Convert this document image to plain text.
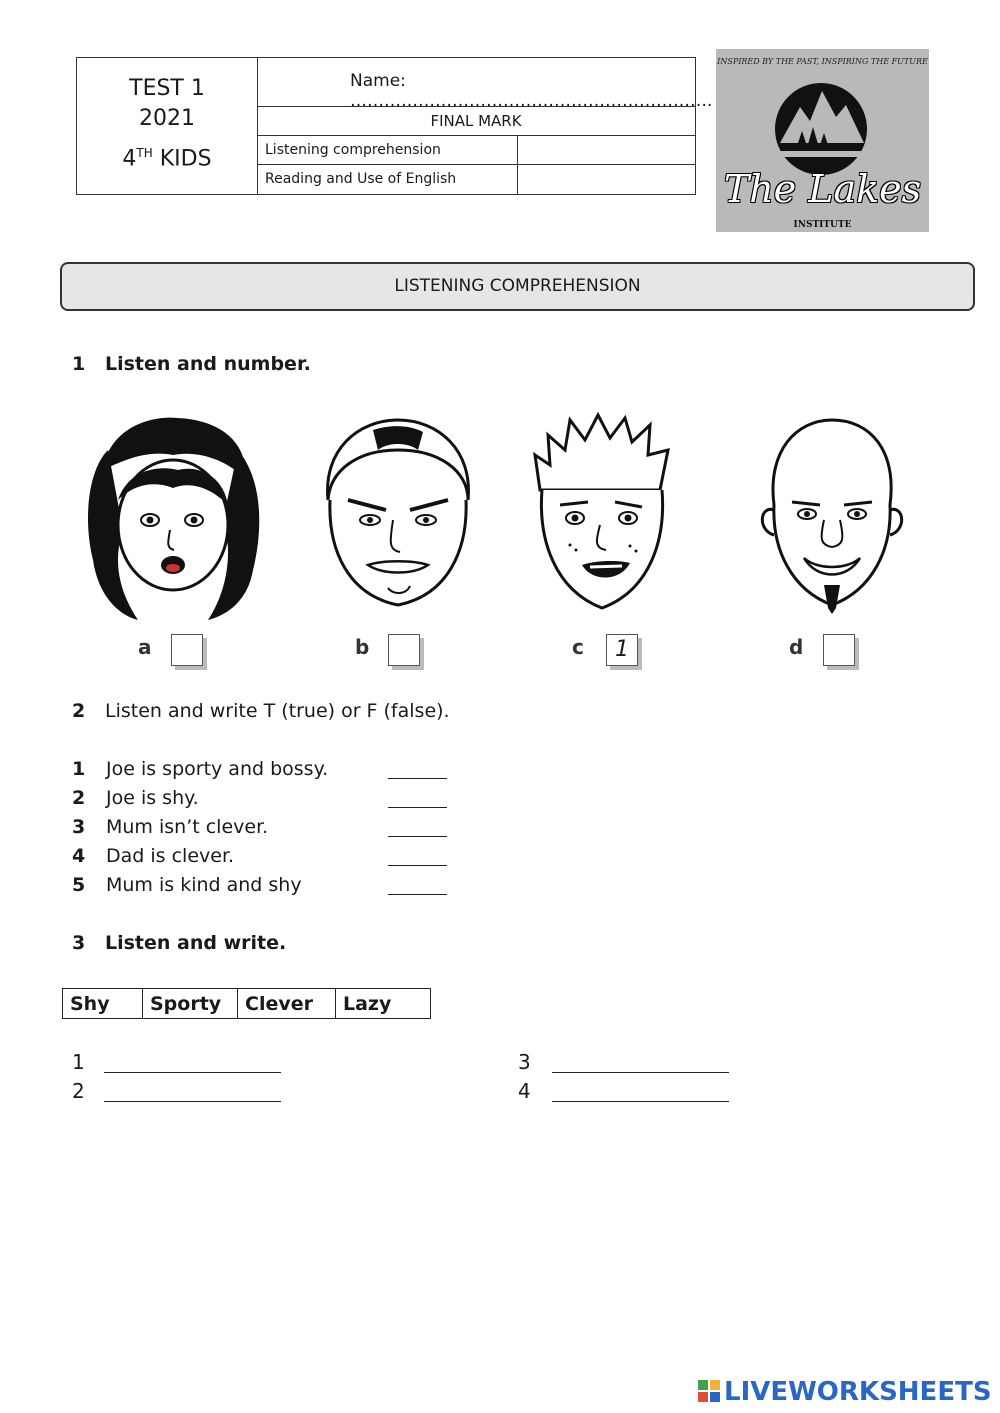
TEST 1
2021
4TH KIDS
Name: ……………………………………………………….
FINAL MARK
Listening comprehension
Reading and Use of English
INSPIRED BY THE PAST, INSPIRING THE FUTURE
The Lakes
INSTITUTE
LISTENING COMPREHENSION
1 Listen and number.
a	b	c	1	d
2 Listen and write T (true) or F (false).
1 Joe is sporty and bossy.
2 Joe is shy.
3 Mum isn’t clever.
4 Dad is clever.
5 Mum is kind and shy
3 Listen and write.
Shy	Sporty	Clever	Lazy
1
2
3
4
LIVEWORKSHEETS
